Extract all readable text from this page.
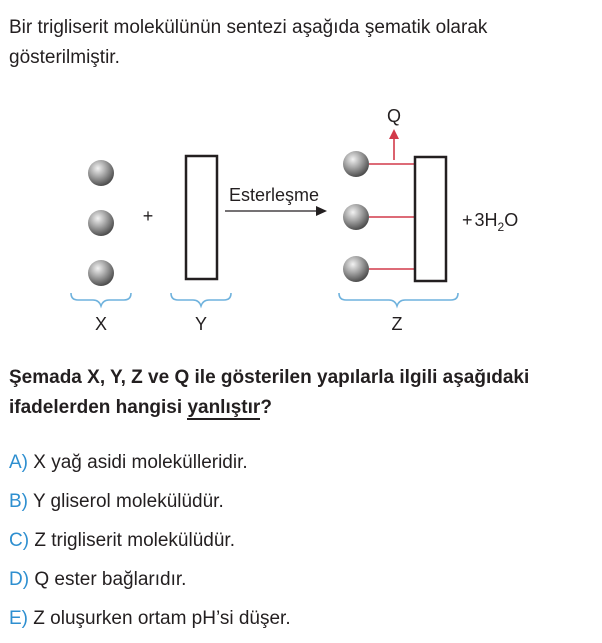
Bir trigliserit molekülünün sentezi aşağıda şematik olarak gösterilmiştir.

X
+
Y
Esterleşme
Q
+ $3H_2O$
Z

Şemada X, Y, Z ve Q ile gösterilen yapılarla ilgili aşağıdaki ifadelerden hangisi yanlıştır?

A) X yağ asidi molekülleridir.
B) Y gliserol molekülüdür.
C) Z trigliserit molekülüdür.
D) Q ester bağlarıdır.
E) Z oluşurken ortam pH’si düşer.
